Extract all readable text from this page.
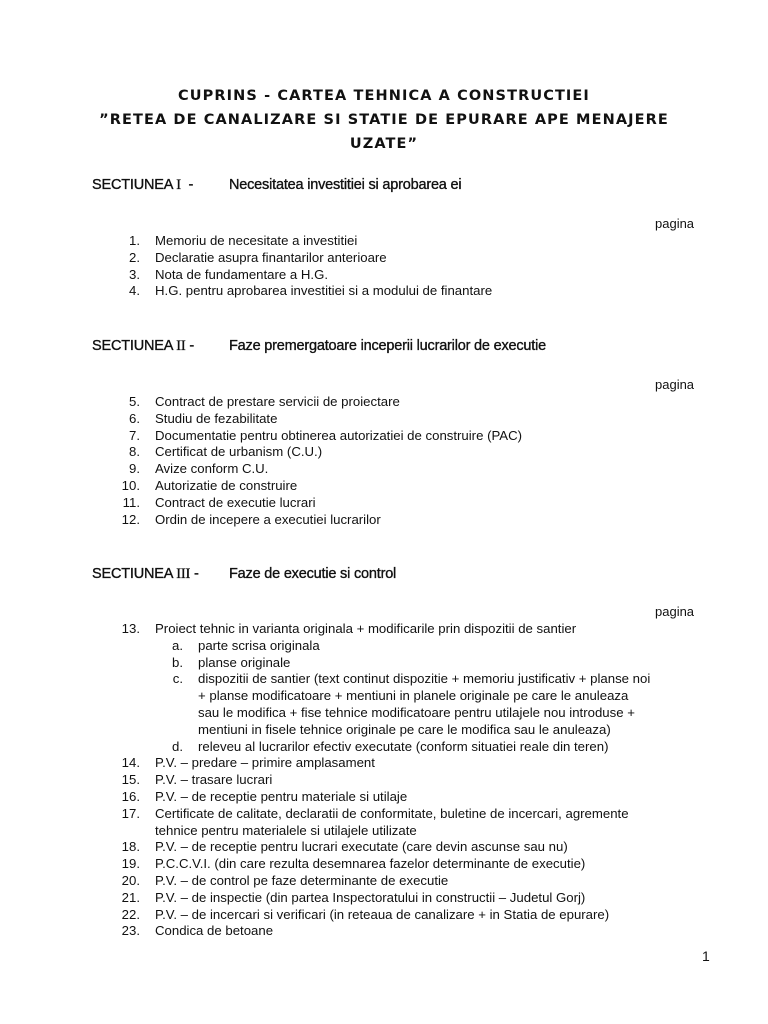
CUPRINS - CARTEA TEHNICA A CONSTRUCTIEI
”RETEA DE CANALIZARE SI STATIE DE EPURARE APE MENAJERE
UZATE”
SECTIUNEA I  - Necesitatea investitiei si aprobarea ei
pagina
1. Memoriu de necesitate a investitiei
2. Declaratie asupra finantarilor anterioare
3. Nota de fundamentare a H.G.
4. H.G. pentru aprobarea investitiei si a modului de finantare
SECTIUNEA II - Faze premergatoare inceperii lucrarilor de executie
pagina
5. Contract de prestare servicii de proiectare
6. Studiu de fezabilitate
7. Documentatie pentru obtinerea autorizatiei de construire (PAC)
8. Certificat de urbanism (C.U.)
9. Avize conform C.U.
10. Autorizatie de construire
11. Contract de executie lucrari
12. Ordin de incepere a executiei lucrarilor
SECTIUNEA III - Faze de executie si control
pagina
13. Proiect tehnic in varianta originala + modificarile prin dispozitii de santier
a. parte scrisa originala
b. planse originale
c. dispozitii de santier (text continut dispozitie + memoriu justificativ + planse noi
+ planse modificatoare + mentiuni in planele originale pe care le anuleaza
sau le modifica + fise tehnice modificatoare pentru utilajele nou introduse +
mentiuni in fisele tehnice originale pe care le modifica sau le anuleaza)
d. releveu al lucrarilor efectiv executate (conform situatiei reale din teren)
14. P.V. – predare – primire amplasament
15. P.V. – trasare lucrari
16. P.V. – de receptie pentru materiale si utilaje
17. Certificate de calitate, declaratii de conformitate, buletine de incercari, agremente
tehnice pentru materialele si utilajele utilizate
18. P.V. – de receptie pentru lucrari executate (care devin ascunse sau nu)
19. P.C.C.V.I. (din care rezulta desemnarea fazelor determinante de executie)
20. P.V. – de control pe faze determinante de executie
21. P.V. – de inspectie (din partea Inspectoratului in constructii – Judetul Gorj)
22. P.V. – de incercari si verificari (in reteaua de canalizare + in Statia de epurare)
23. Condica de betoane
1
